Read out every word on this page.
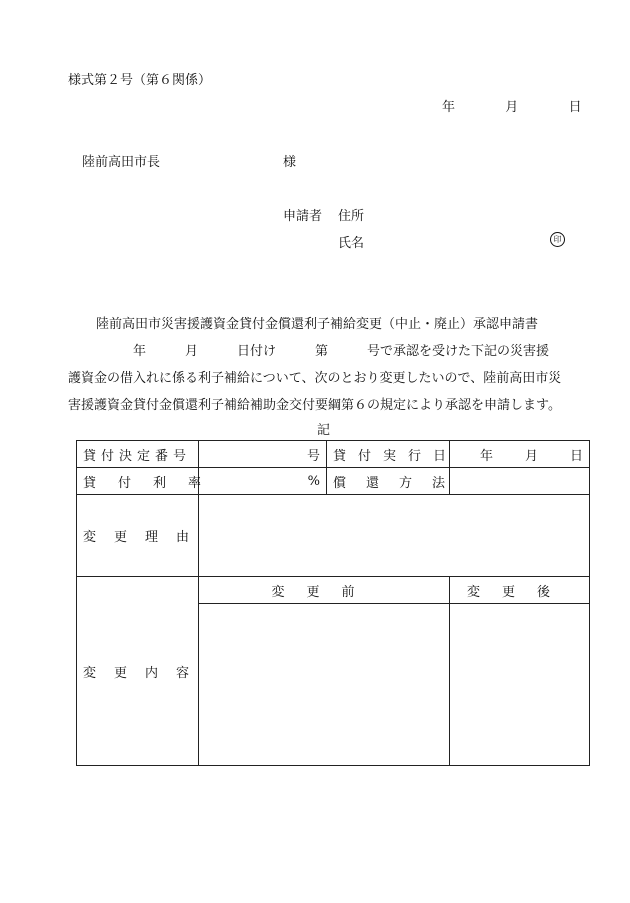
様式第２号（第６関係）
年	月	日
陸前高田市長	様
申請者 住所
氏名	印
陸前高田市災害援護資金貸付金償還利子補給変更（中止・廃止）承認申請書
　　　　　年　　　月　　　日付け　　　第　　　号で承認を受けた下記の災害援
護資金の借入れに係る利子補給について、次のとおり変更したいので、陸前高田市災
害援護資金貸付金償還利子補給補助金交付要綱第６の規定により承認を申請します。
記
貸付決定番号	号	貸付実行日	年 月 日

貸付利率	%	償還方法	
変更理由			
変更内容	変更前		変更後
